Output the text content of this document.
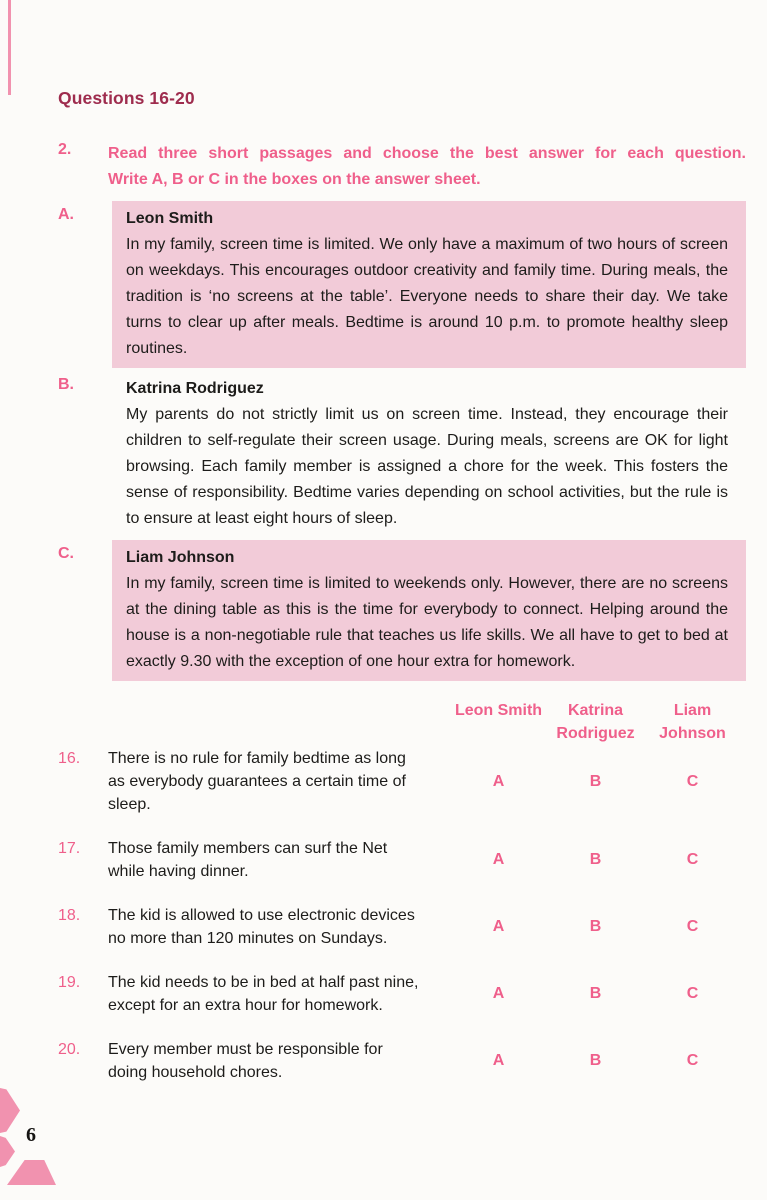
Questions 16-20
2.	Read three short passages and choose the best answer for each question.
Write A, B or C in the boxes on the answer sheet.
A.	Leon Smith
In my family, screen time is limited. We only have a maximum of two hours of screen on weekdays. This encourages outdoor creativity and family time. During meals, the tradition is ‘no screens at the table’. Everyone needs to share their day. We take turns to clear up after meals. Bedtime is around 10 p.m. to promote healthy sleep routines.
B.	Katrina Rodriguez
My parents do not strictly limit us on screen time. Instead, they encourage their children to self-regulate their screen usage. During meals, screens are OK for light browsing. Each family member is assigned a chore for the week. This fosters the sense of responsibility. Bedtime varies depending on school activities, but the rule is to ensure at least eight hours of sleep.
C.	Liam Johnson
In my family, screen time is limited to weekends only. However, there are no screens at the dining table as this is the time for everybody to connect. Helping around the house is a non-negotiable rule that teaches us life skills. We all have to get to bed at exactly 9.30 with the exception of one hour extra for homework.
Leon Smith	Katrina Rodriguez
Liam Johnson
16.	There is no rule for family bedtime as long
as everybody guarantees a certain time of
sleep.
A	B	C
17.	Those family members can surf the Net
while having dinner.
A	B	C
18.	The kid is allowed to use electronic devices
no more than 120 minutes on Sundays.
A	B	C
19.	The kid needs to be in bed at half past nine,
except for an extra hour for homework.
A	B	C
20.	Every member must be responsible for
doing household chores.
A	B	C
6
